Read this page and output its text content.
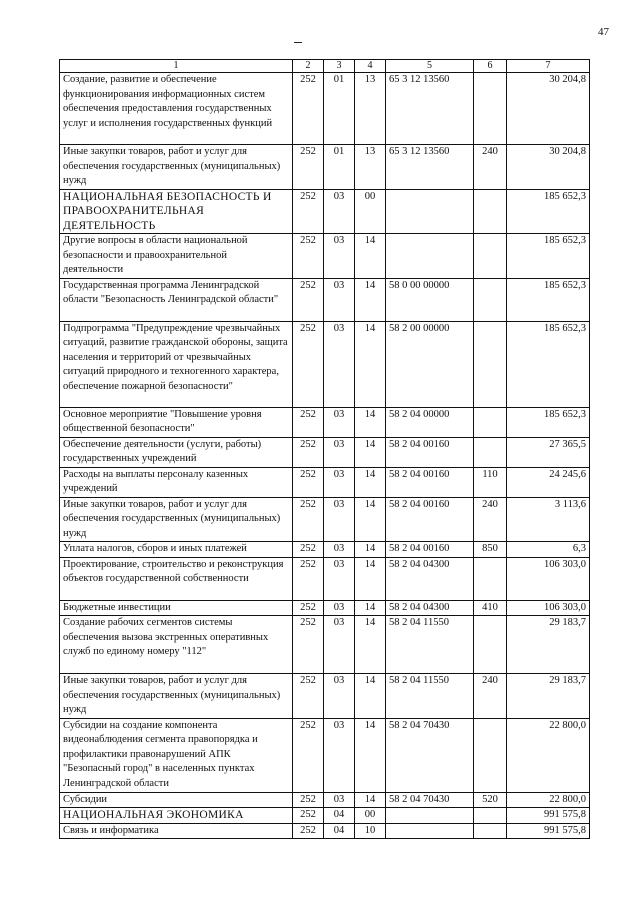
47
1	2	3	4	5	6	7
Создание, развитие и обеспечение функционирования информационных систем обеспечения предоставления государственных услуг и исполнения государственных функций	252	01	13	65 3 12 13560		30 204,8
Иные закупки товаров, работ и услуг для обеспечения государственных (муниципальных) нужд	252	01	13	65 3 12 13560	240	30 204,8
НАЦИОНАЛЬНАЯ БЕЗОПАСНОСТЬ И ПРАВООХРАНИТЕЛЬНАЯ ДЕЯТЕЛЬНОСТЬ	252	03	00			185 652,3
Другие вопросы в области национальной безопасности и правоохранительной деятельности	252	03	14			185 652,3
Государственная программа Ленинградской области "Безопасность Ленинградской области"	252	03	14	58 0 00 00000		185 652,3
Подпрограмма "Предупреждение чрезвычайных ситуаций, развитие гражданской обороны, защита населения и территорий от чрезвычайных ситуаций природного и техногенного характера, обеспечение пожарной безопасности"	252	03	14	58 2 00 00000		185 652,3
Основное мероприятие "Повышение уровня общественной безопасности"	252	03	14	58 2 04 00000		185 652,3
Обеспечение деятельности (услуги, работы) государственных учреждений	252	03	14	58 2 04 00160		27 365,5
Расходы на выплаты персоналу казенных учреждений	252	03	14	58 2 04 00160	110	24 245,6
Иные закупки товаров, работ и услуг для обеспечения государственных (муниципальных) нужд	252	03	14	58 2 04 00160	240	3 113,6
Уплата налогов, сборов и иных платежей	252	03	14	58 2 04 00160	850	6,3
Проектирование, строительство и реконструкция объектов государственной собственности	252	03	14	58 2 04 04300		106 303,0
Бюджетные инвестиции	252	03	14	58 2 04 04300	410	106 303,0
Создание рабочих сегментов системы обеспечения вызова экстренных оперативных служб по единому номеру "112"	252	03	14	58 2 04 11550		29 183,7
Иные закупки товаров, работ и услуг для обеспечения государственных (муниципальных) нужд	252	03	14	58 2 04 11550	240	29 183,7
Субсидии на создание компонента видеонаблюдения сегмента правопорядка и профилактики правонарушений АПК "Безопасный город" в населенных пунктах Ленинградской области	252	03	14	58 2 04 70430		22 800,0
Субсидии	252	03	14	58 2 04 70430	520	22 800,0
НАЦИОНАЛЬНАЯ ЭКОНОМИКА	252	04	00			991 575,8
Связь и информатика	252	04	10			991 575,8
